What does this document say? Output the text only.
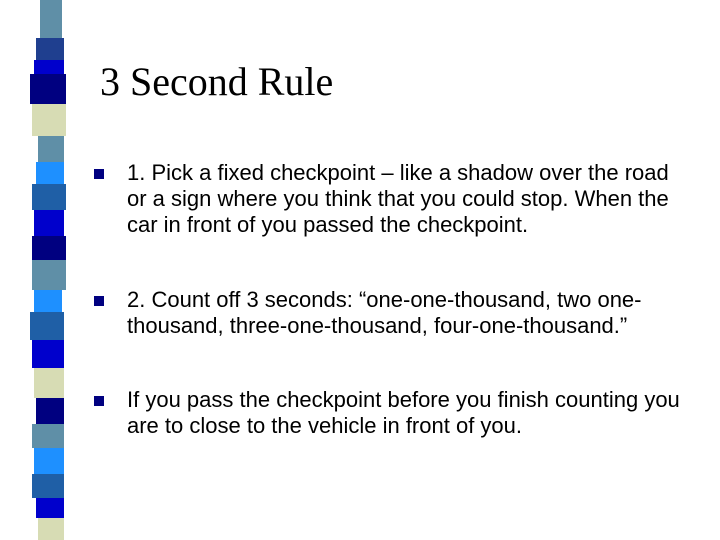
3 Second Rule
1. Pick a fixed checkpoint – like a shadow over the road or a sign where you think that you could stop. When the car in front of you passed the checkpoint.
2. Count off 3 seconds: “one-one-thousand, two one-thousand, three-one-thousand, four-one-thousand.”
If you pass the checkpoint before you finish counting you are to close to the vehicle in front of you.
